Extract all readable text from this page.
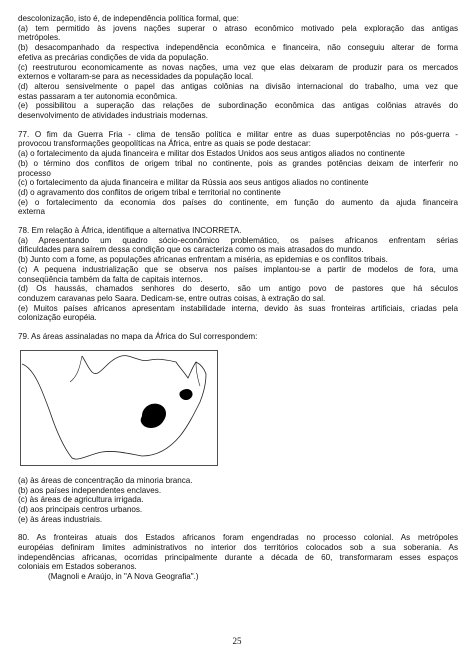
descolonização, isto é, de independência política formal, que:
(a) tem permitido às jovens nações superar o atraso econômico motivado pela exploração das antigas
metrópoles.
(b) desacompanhado da respectiva independência econômica e financeira, não conseguiu alterar de forma
efetiva as precárias condições de vida da população.
(c) reestruturou economicamente as novas nações, uma vez que elas deixaram de produzir para os mercados
externos e voltaram-se para as necessidades da população local.
(d) alterou sensivelmente o papel das antigas colônias na divisão internacional do trabalho, uma vez que
estas passaram a ter autonomia econômica.
(e) possibilitou a superação das relações de subordinação econômica das antigas colônias através do
desenvolvimento de atividades industriais modernas.
77. O fim da Guerra Fria - clima de tensão política e militar entre as duas superpotências no pós-guerra -
provocou transformações geopolíticas na África, entre as quais se pode destacar:
(a) o fortalecimento da ajuda financeira e militar dos Estados Unidos aos seus antigos aliados no continente
(b) o término dos conflitos de origem tribal no continente, pois as grandes potências deixam de interferir no
processo
(c) o fortalecimento da ajuda financeira e militar da Rússia aos seus antigos aliados no continente
(d) o agravamento dos conflitos de origem tribal e territorial no continente
(e) o fortalecimento da economia dos países do continente, em função do aumento da ajuda financeira
externa
78. Em relação à África, identifique a alternativa INCORRETA.
(a) Apresentando um quadro sócio-econômico problemático, os países africanos enfrentam sérias
dificuldades para saírem dessa condição que os caracteriza como os mais atrasados do mundo.
(b) Junto com a fome, as populações africanas enfrentam a miséria, as epidemias e os conflitos tribais.
(c) A pequena industrialização que se observa nos países implantou-se a partir de modelos de fora, uma
conseqüência também da falta de capitais internos.
(d) Os haussás, chamados senhores do deserto, são um antigo povo de pastores que há séculos
conduzem caravanas pelo Saara. Dedicam-se, entre outras coisas, à extração do sal.
(e) Muitos países africanos apresentam instabilidade interna, devido às suas fronteiras artificiais, criadas pela
colonização européia.
79. As áreas assinaladas no mapa da África do Sul correspondem:
(a) às áreas de concentração da minoria branca.
(b) aos países independentes enclaves.
(c) às áreas de agricultura irrigada.
(d) aos principais centros urbanos.
(e) às áreas industriais.
80. As fronteiras atuais dos Estados africanos foram engendradas no processo colonial. As metrópoles
européias definiram limites administrativos no interior dos territórios colocados sob a sua soberania. As
independências africanas, ocorridas principalmente durante a década de 60, transformaram esses espaços
coloniais em Estados soberanos.
(Magnoli e Araújo, in "A Nova Geografia".)
25
